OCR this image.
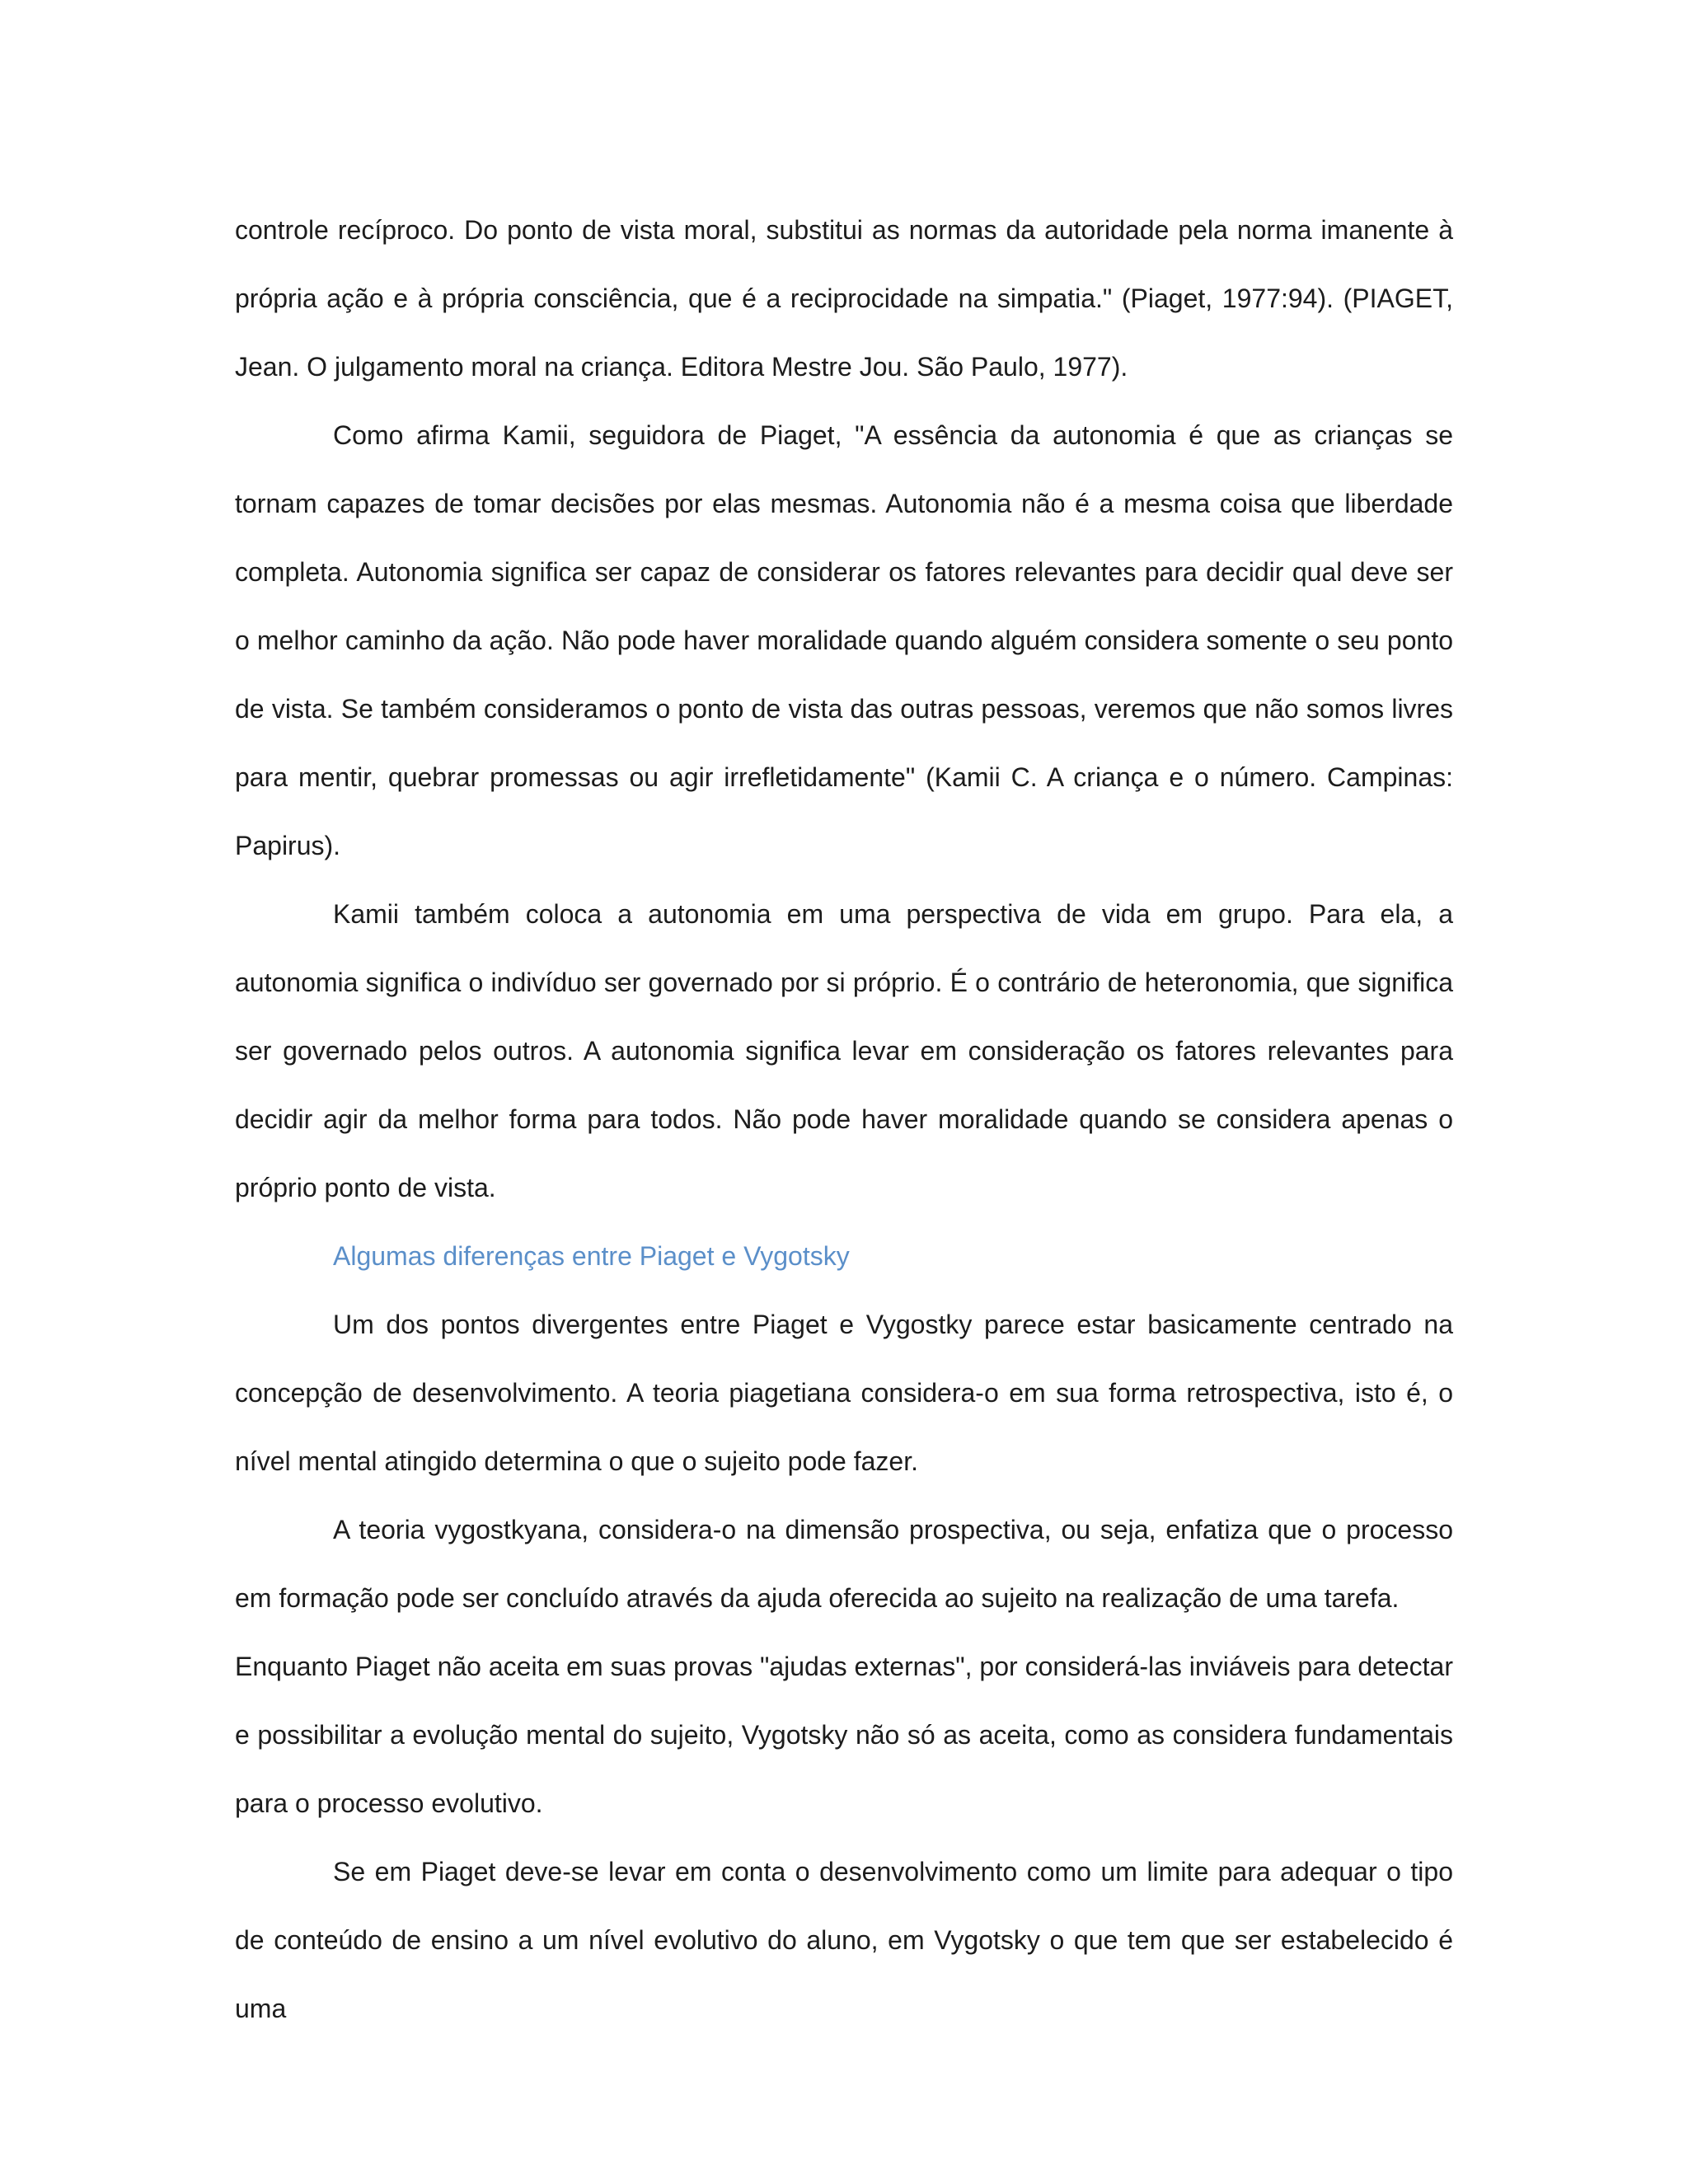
controle recíproco. Do ponto de vista moral, substitui as normas da autoridade pela norma imanente à própria ação e à própria consciência, que é a reciprocidade na simpatia." (Piaget, 1977:94). (PIAGET, Jean. O julgamento moral na criança. Editora Mestre Jou. São Paulo, 1977).

Como afirma Kamii, seguidora de Piaget, "A essência da autonomia é que as crianças se tornam capazes de tomar decisões por elas mesmas. Autonomia não é a mesma coisa que liberdade completa. Autonomia significa ser capaz de considerar os fatores relevantes para decidir qual deve ser o melhor caminho da ação. Não pode haver moralidade quando alguém considera somente o seu ponto de vista. Se também consideramos o ponto de vista das outras pessoas, veremos que não somos livres para mentir, quebrar promessas ou agir irrefletidamente" (Kamii C. A criança e o número. Campinas: Papirus).

Kamii também coloca a autonomia em uma perspectiva de vida em grupo. Para ela, a autonomia significa o indivíduo ser governado por si próprio. É o contrário de heteronomia, que significa ser governado pelos outros. A autonomia significa levar em consideração os fatores relevantes para decidir agir da melhor forma para todos. Não pode haver moralidade quando se considera apenas o próprio ponto de vista.

Algumas diferenças entre Piaget e Vygotsky

Um dos pontos divergentes entre Piaget e Vygostky parece estar basicamente centrado na concepção de desenvolvimento. A teoria piagetiana considera-o em sua forma retrospectiva, isto é, o nível mental atingido determina o que o sujeito pode fazer.

A teoria vygostkyana, considera-o na dimensão prospectiva, ou seja, enfatiza que o processo em formação pode ser concluído através da ajuda oferecida ao sujeito na realização de uma tarefa.

Enquanto Piaget não aceita em suas provas "ajudas externas", por considerá-las inviáveis para detectar e possibilitar a evolução mental do sujeito, Vygotsky não só as aceita, como as considera fundamentais para o processo evolutivo.

Se em Piaget deve-se levar em conta o desenvolvimento como um limite para adequar o tipo de conteúdo de ensino a um nível evolutivo do aluno, em Vygotsky o que tem que ser estabelecido é uma
